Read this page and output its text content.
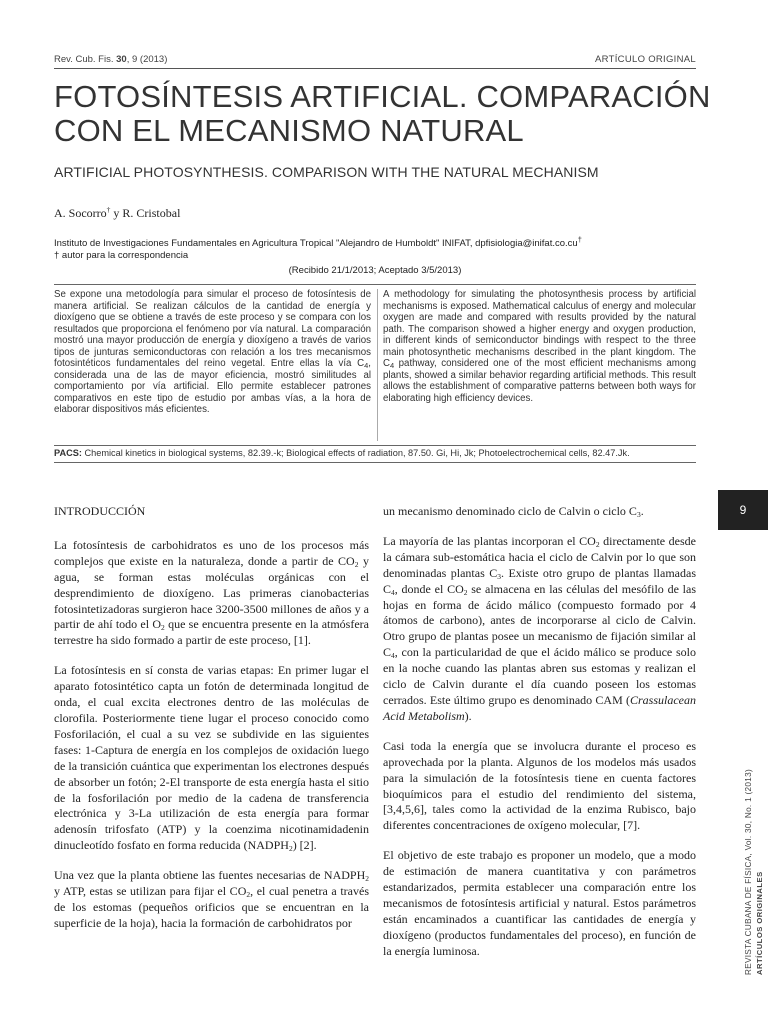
Rev. Cub. Fis. 30, 9 (2013)	ARTÍCULO ORIGINAL
FOTOSÍNTESIS ARTIFICIAL. COMPARACIÓN CON EL MECANISMO NATURAL
ARTIFICIAL PHOTOSYNTHESIS. COMPARISON WITH THE NATURAL MECHANISM
A. Socorro† y R. Cristobal
Instituto de Investigaciones Fundamentales en Agricultura Tropical "Alejandro de Humboldt" INIFAT, dpfisiologia@inifat.co.cu†
† autor para la correspondencia
(Recibido 21/1/2013; Aceptado 3/5/2013)
Se expone una metodología para simular el proceso de fotosíntesis de manera artificial. Se realizan cálculos de la cantidad de energía y dioxígeno que se obtiene a través de este proceso y se compara con los resultados que proporciona el fenómeno por vía natural. La comparación mostró una mayor producción de energía y dioxígeno a través de varios tipos de junturas semiconductoras con relación a los tres mecanismos fotosintéticos fundamentales del reino vegetal. Entre ellas la vía $C_4$, considerada una de las de mayor eficiencia, mostró similitudes al comportamiento por vía artificial. Ello permite establecer patrones comparativos en este tipo de estudio por ambas vías, a la hora de elaborar dispositivos más eficientes.
A methodology for simulating the photosynthesis process by artificial mechanisms is exposed. Mathematical calculus of energy and molecular oxygen are made and compared with results provided by the natural path. The comparison showed a higher energy and oxygen production, in different kinds of semiconductor bindings with respect to the three main photosynthetic mechanisms described in the plant kingdom. The $C_4$ pathway, considered one of the most efficient mechanisms among plants, showed a similar behavior regarding artificial methods. This result allows the establishment of comparative patterns between both ways for elaborating high efficiency devices.
PACS: Chemical kinetics in biological systems, 82.39.-k; Biological effects of radiation, 87.50. Gi, Hi, Jk; Photoelectrochemical cells, 82.47.Jk.
INTRODUCCIÓN

La fotosíntesis de carbohidratos es uno de los procesos más complejos que existe en la naturaleza, donde a partir de $CO_2$ y agua, se forman estas moléculas orgánicas con el desprendimiento de dioxígeno. Las primeras cianobacterias fotosintetizadoras surgieron hace 3200-3500 millones de años y a partir de ahí todo el $O_2$ que se encuentra presente en la atmósfera terrestre ha sido formado a partir de este proceso, [1].

La fotosíntesis en sí consta de varias etapas: En primer lugar el aparato fotosintético capta un fotón de determinada longitud de onda, el cual excita electrones dentro de las moléculas de clorofila. Posteriormente tiene lugar el proceso conocido como Fosforilación, el cual a su vez se subdivide en las siguientes fases: 1-Captura de energía en los complejos de oxidación luego de la transición cuántica que experimentan los electrones después de absorber un fotón; 2-El transporte de esta energía hasta el sitio de la fosforilación por medio de la cadena de transferencia electrónica y 3-La utilización de esta energía para formar adenosín trifosfato (ATP) y la coenzima nicotinamidadenin dinucleotído fosfato en forma reducida $(NADPH_2)$ [2].

Una vez que la planta obtiene las fuentes necesarias de $NADPH_2$ y ATP, estas se utilizan para fijar el $CO_2$, el cual penetra a través de los estomas (pequeños orificios que se encuentran en la superficie de la hoja), hacia la formación de carbohidratos por

un mecanismo denominado ciclo de Calvin o ciclo $C_3$.

La mayoría de las plantas incorporan el $CO_2$ directamente desde la cámara sub-estomática hacia el ciclo de Calvin por lo que son denominadas plantas $C_3$. Existe otro grupo de plantas llamadas $C_4$, donde el $CO_2$ se almacena en las células del mesófilo de las hojas en forma de ácido málico (compuesto formado por 4 átomos de carbono), antes de incorporarse al ciclo de Calvin. Otro grupo de plantas posee un mecanismo de fijación similar al $C_4$, con la particularidad de que el ácido málico se produce solo en la noche cuando las plantas abren sus estomas y realizan el ciclo de Calvin durante el día cuando poseen los estomas cerrados. Este último grupo es denominado CAM (Crassulacean Acid Metabolism).

Casi toda la energía que se involucra durante el proceso es aprovechada por la planta. Algunos de los modelos más usados para la simulación de la fotosíntesis tiene en cuenta factores bioquímicos para el estudio del rendimiento del sistema, [3,4,5,6], tales como la actividad de la enzima Rubisco, bajo diferentes concentraciones de oxígeno molecular, [7].

El objetivo de este trabajo es proponer un modelo, que a modo de estimación de manera cuantitativa y con parámetros estandarizados, permita establecer una comparación entre los mecanismos de fotosíntesis artificial y natural. Estos parámetros están encaminados a cuantificar las cantidades de energía y dioxígeno (productos fundamentales del proceso), en función de la energía luminosa.

9
REVISTA CUBANA DE FÍSICA, Vol. 30, No. 1 (2013) ARTÍCULOS ORIGINALES
